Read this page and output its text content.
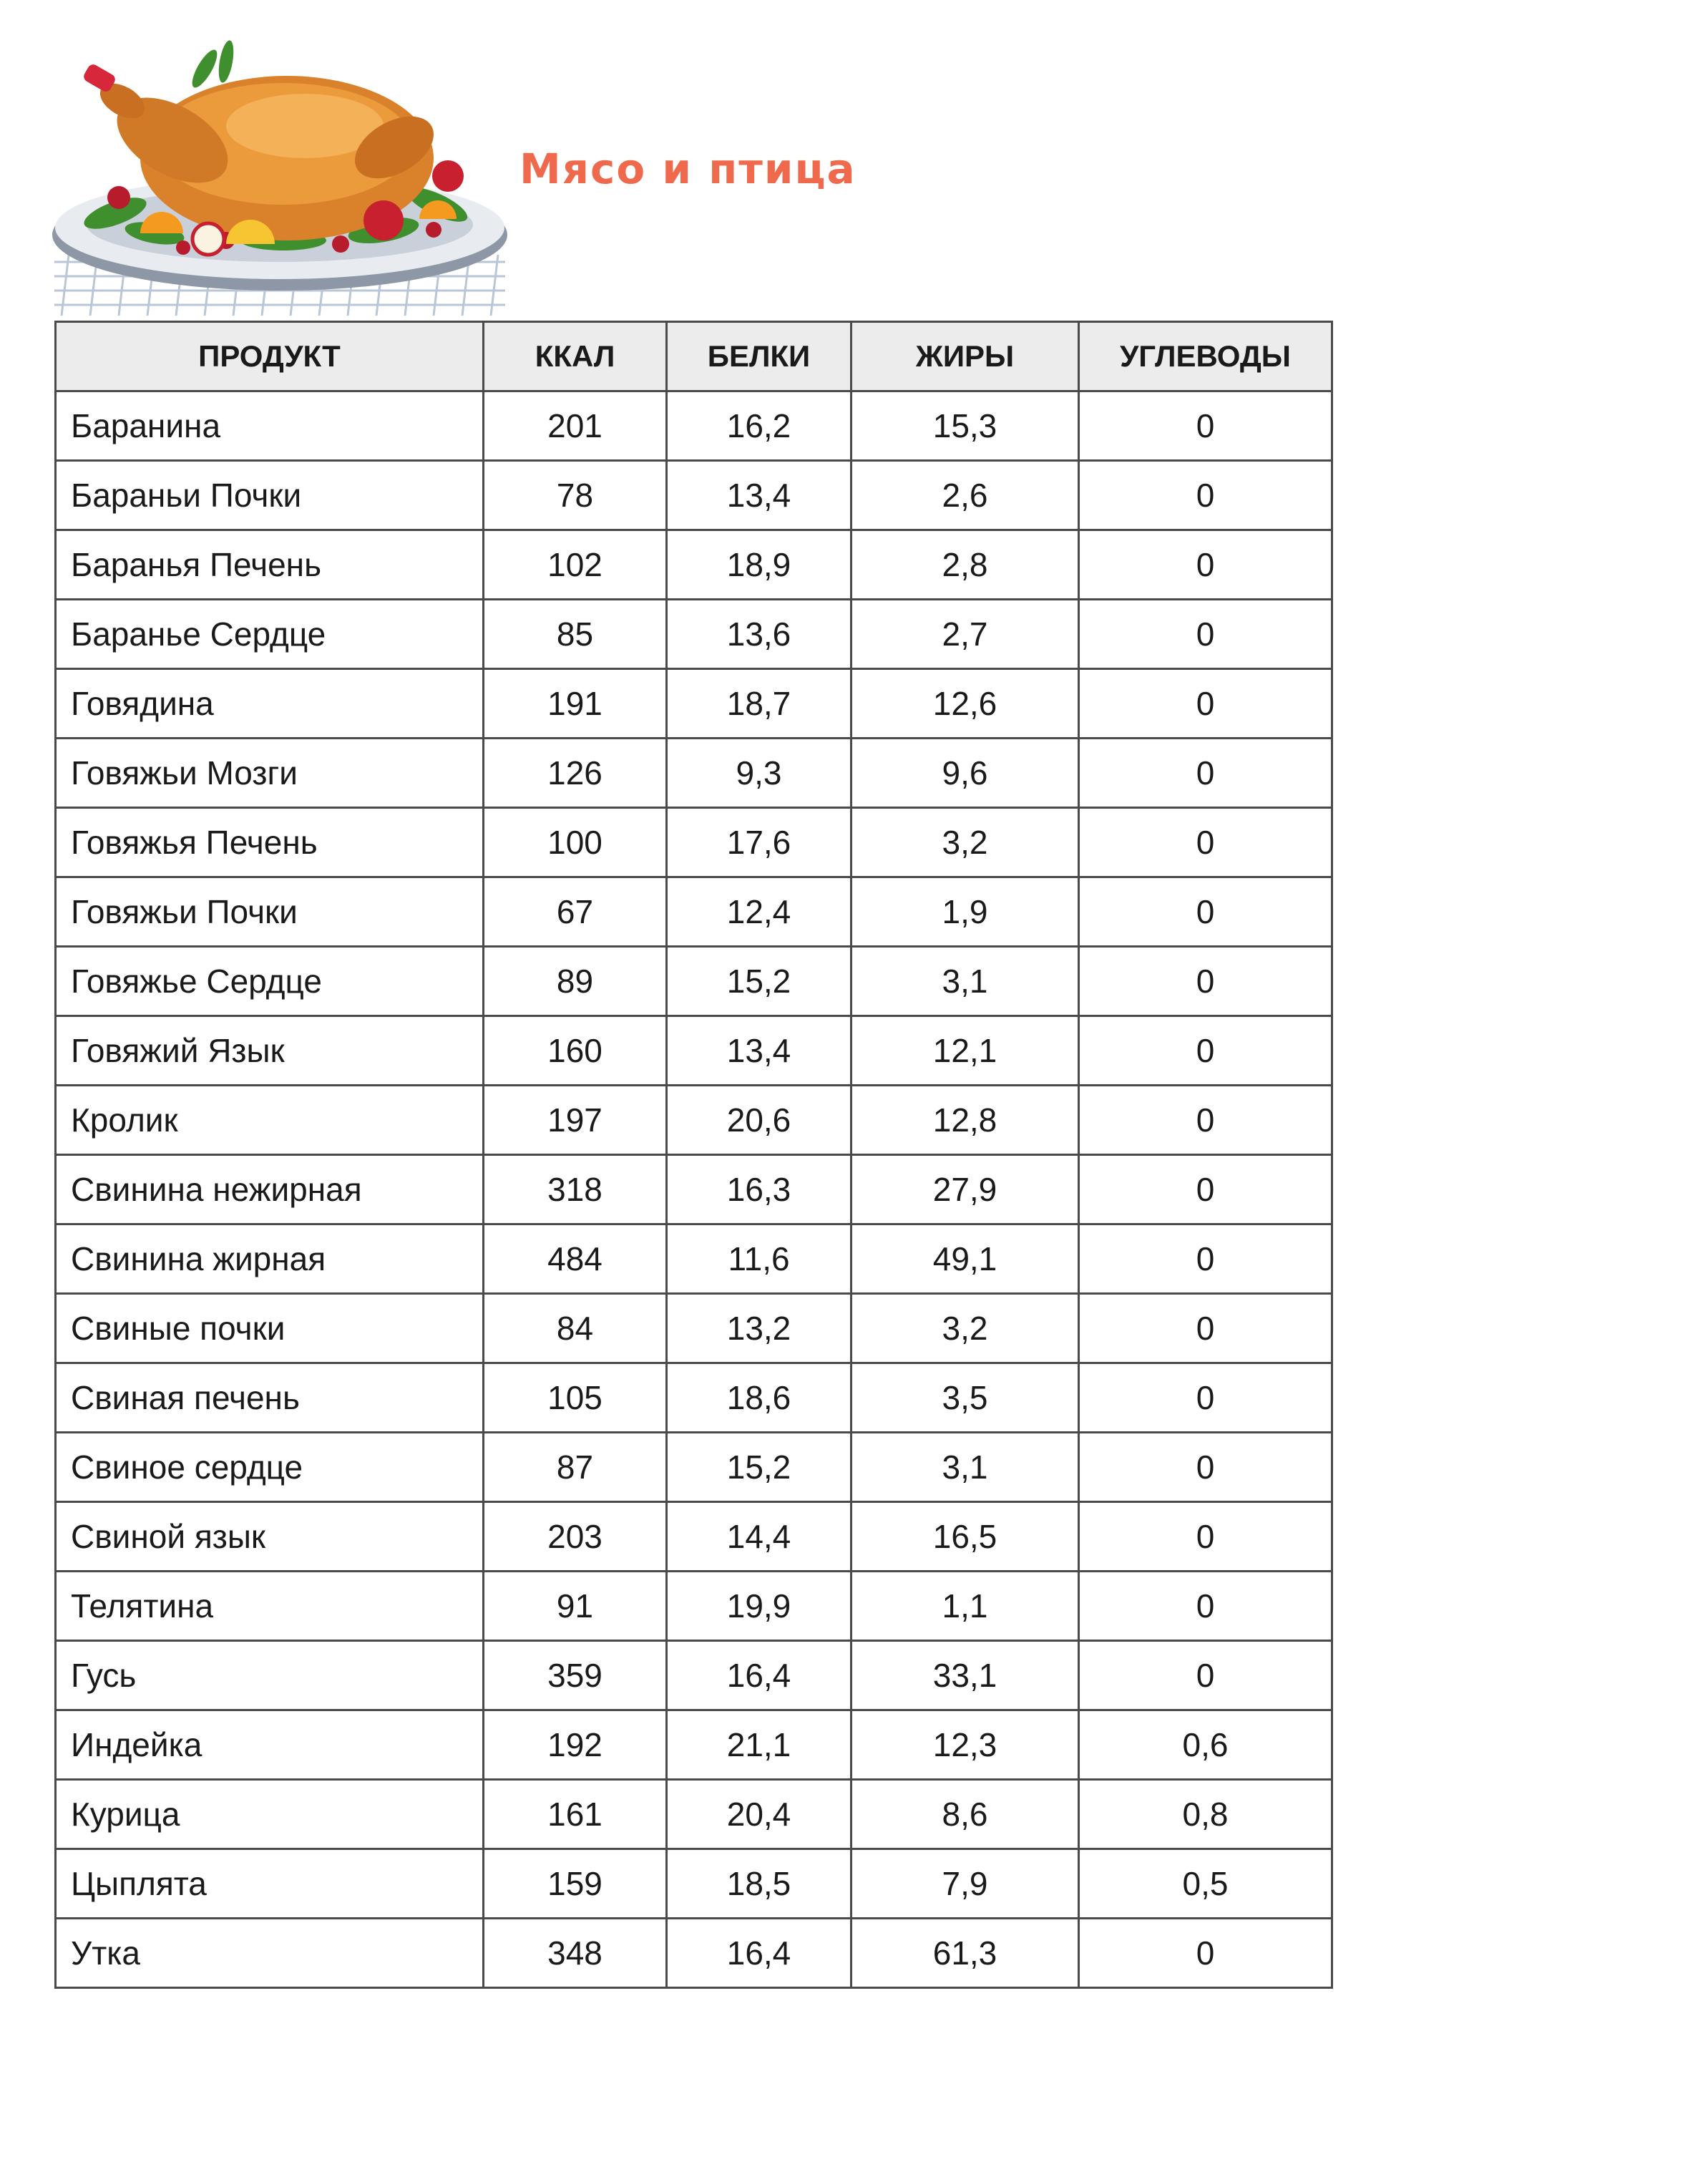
Мясо и птица
ПРОДУКТ	ККАЛ	БЕЛКИ	ЖИРЫ	УГЛЕВОДЫ
Баранина	201	16,2	15,3	0
Бараньи Почки	78	13,4	2,6	0
Баранья Печень	102	18,9	2,8	0
Баранье Сердце	85	13,6	2,7	0
Говядина	191	18,7	12,6	0
Говяжьи Мозги	126	9,3	9,6	0
Говяжья Печень	100	17,6	3,2	0
Говяжьи Почки	67	12,4	1,9	0
Говяжье Сердце	89	15,2	3,1	0
Говяжий Язык	160	13,4	12,1	0
Кролик	197	20,6	12,8	0
Свинина нежирная	318	16,3	27,9	0
Свинина жирная	484	11,6	49,1	0
Свиные почки	84	13,2	3,2	0
Свиная печень	105	18,6	3,5	0
Свиное сердце	87	15,2	3,1	0
Свиной язык	203	14,4	16,5	0
Телятина	91	19,9	1,1	0
Гусь	359	16,4	33,1	0
Индейка	192	21,1	12,3	0,6
Курица	161	20,4	8,6	0,8
Цыплята	159	18,5	7,9	0,5
Утка	348	16,4	61,3	0
